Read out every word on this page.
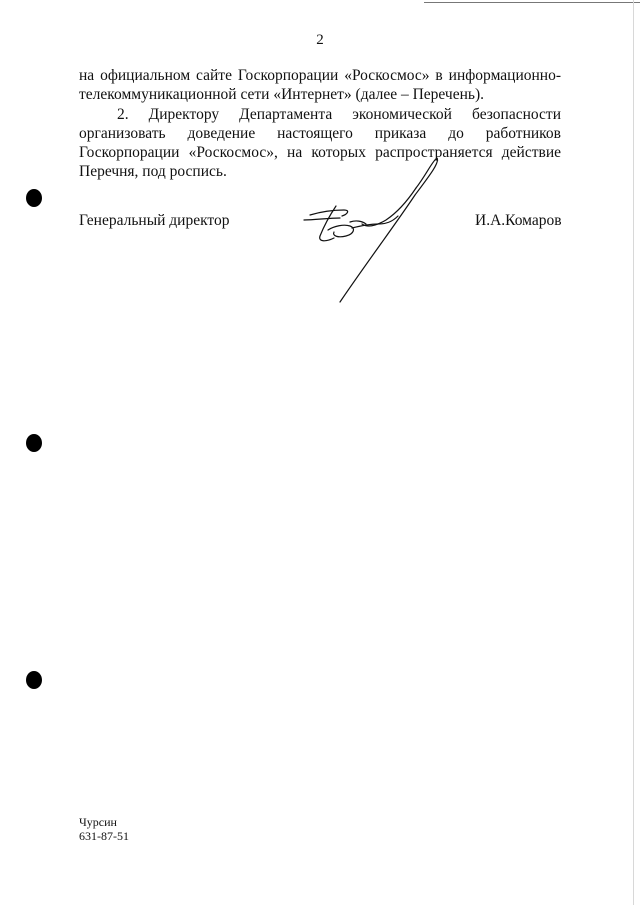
2
на официальном сайте Госкорпорации «Роскосмос» в информационно-
телекоммуникационной сети «Интернет» (далее – Перечень).
2. Директору Департамента экономической безопасности
организовать доведение настоящего приказа до работников
Госкорпорации «Роскосмос», на которых распространяется действие
Перечня, под роспись.
Генеральный директор	И.А.Комаров
Чурсин
631-87-51
